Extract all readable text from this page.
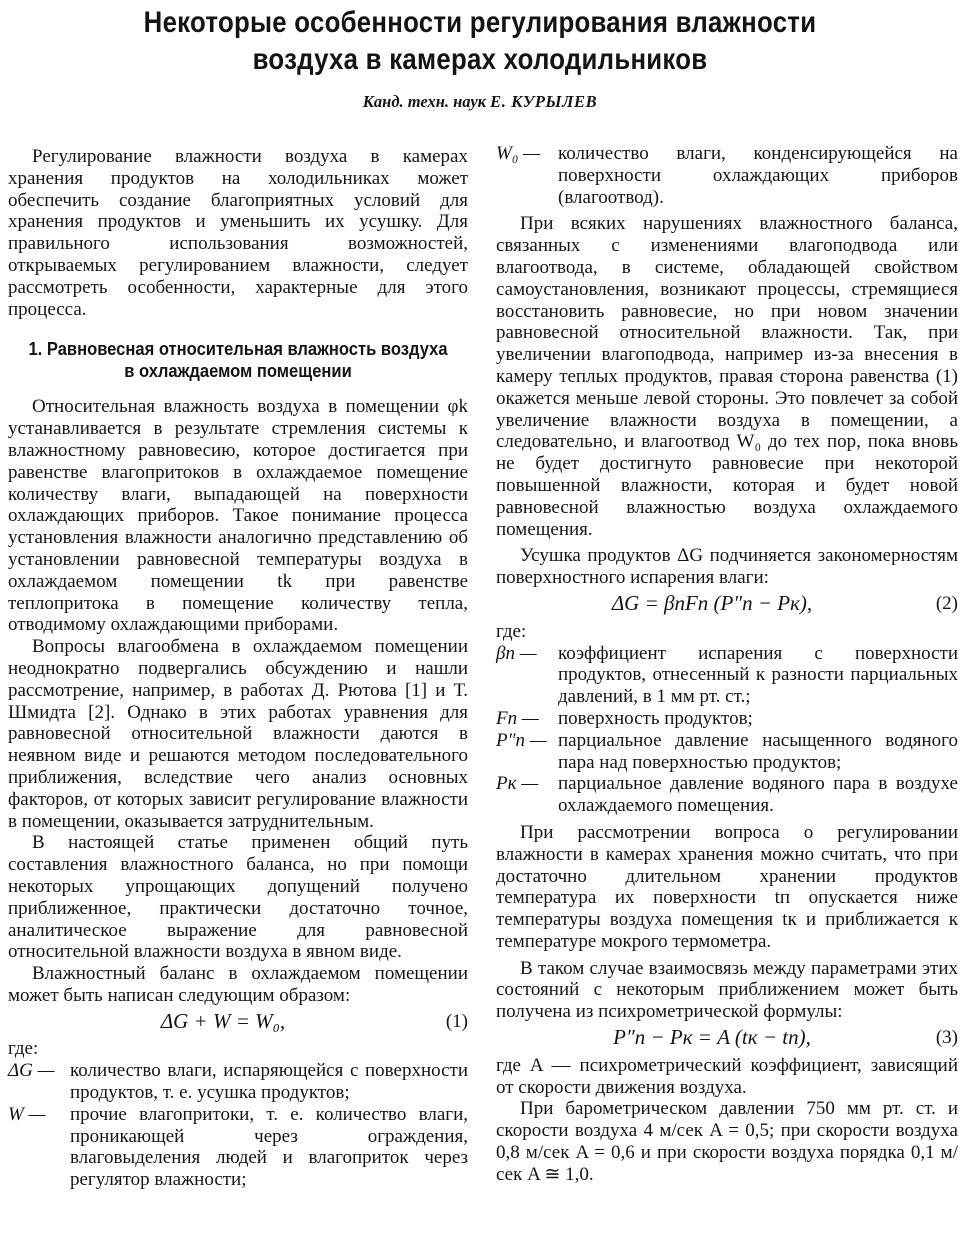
Некоторые особенности регулирования влажности
воздуха в камерах холодильников
Канд. техн. наук Е. КУРЫЛЕВ

Регулирование влажности воздуха в камерах хранения продуктов на холодильниках может обеспечить создание благоприятных условий для хранения продуктов и уменьшить их усушку. Для правильного использования возможностей, открываемых регулированием влажности, следует рассмотреть особенности, характерные для этого процесса.

1. Равновесная относительная влажность воздуха в охлаждаемом помещении

Относительная влажность воздуха в помещении φk устанавливается в результате стремления системы к влажностному равновесию, которое достигается при равенстве влагопритоков в охлаждаемое помещение количеству влаги, выпадающей на поверхности охлаждающих приборов. Такое понимание процесса установления влажности аналогично представлению об установлении равновесной температуры воздуха в охлаждаемом помещении tk при равенстве теплопритока в помещение количеству тепла, отводимому охлаждающими приборами.

Вопросы влагообмена в охлаждаемом помещении неоднократно подвергались обсуждению и нашли рассмотрение, например, в работах Д. Рютова [1] и Т. Шмидта [2]. Однако в этих работах уравнения для равновесной относительной влажности даются в неявном виде и решаются методом последовательного приближения, вследствие чего анализ основных факторов, от которых зависит регулирование влажности в помещении, оказывается затруднительным.

В настоящей статье применен общий путь составления влажностного баланса, но при помощи некоторых упрощающих допущений получено приближенное, практически достаточно точное, аналитическое выражение для равновесной относительной влажности воздуха в явном виде.

Влажностный баланс в охлаждаемом помещении может быть написан следующим образом:

ΔG + W = W₀,	(1)

где:

ΔG — количество влаги, испаряющейся с поверхности продуктов, т. е. усушка продуктов;
W —	прочие влагопритоки, т. е. количество влаги, проникающей через ограждения, влаговыделения людей и влагоприток через регулятор влажности;
W₀ — количество влаги, конденсирующейся на поверхности охлаждающих приборов (влагоотвод).

При всяких нарушениях влажностного баланса, связанных с изменениями влагоподвода или влагоотвода, в системе, обладающей свойством самоустановления, возникают процессы, стремящиеся восстановить равновесие, но при новом значении равновесной относительной влажности. Так, при увеличении влагоподвода, например из-за внесения в камеру теплых продуктов, правая сторона равенства (1) окажется меньше левой стороны. Это повлечет за собой увеличение влажности воздуха в помещении, а следовательно, и влагоотвод W₀ до тех пор, пока вновь не будет достигнуто равновесие при некоторой повышенной влажности, которая и будет новой равновесной влажностью воздуха охлаждаемого помещения.

Усушка продуктов ΔG подчиняется закономерностям поверхностного испарения влаги:

ΔG = βпFп (P″п − Pк),	(2)

где:

βп —	коэффициент испарения с поверхности продуктов, отнесенный к разности парциальных давлений, в 1 мм рт. ст.;
Fп —	поверхность продуктов;
P″п — парциальное давление насыщенного водяного пара над поверхностью продуктов;
Pк —	парциальное давление водяного пара в воздухе охлаждаемого помещения.

При рассмотрении вопроса о регулировании влажности в камерах хранения можно считать, что при достаточно длительном хранении продуктов температура их поверхности tп опускается ниже температуры воздуха помещения tк и приближается к температуре мокрого термометра.

В таком случае взаимосвязь между параметрами этих состояний с некоторым приближением может быть получена из психрометрической формулы:

P″п − Pк = A (tк − tп),	(3)

где A — психрометрический коэффициент, зависящий от скорости движения воздуха.

При барометрическом давлении 750 мм рт. ст. и скорости воздуха 4 м/сек A = 0,5; при скорости воздуха 0,8 м/сек A = 0,6 и при скорости воздуха порядка 0,1 м/сек A ≅ 1,0.
